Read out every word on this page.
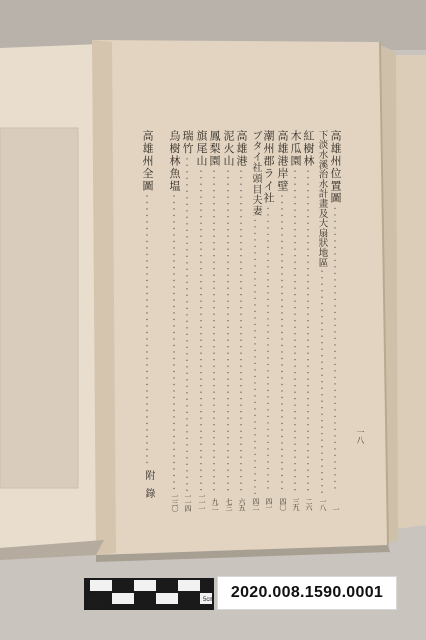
高雄州位置圖
下淡水溪治水計畫及大扇狀地區
紅樹林
木瓜園
高雄港岸壁
潮州郡ライ社
ブタイ社頭目夫妻
高雄港
泥火山
鳳梨園
旗尾山
瑞竹
烏樹林魚塭
高雄州全圖
一
一八
二六
三九
四〇
四一
四二
六五
七三
九二
一一一
一一四
一三〇
附錄
一八
0cm	5cm	2020.008.1590.0001
